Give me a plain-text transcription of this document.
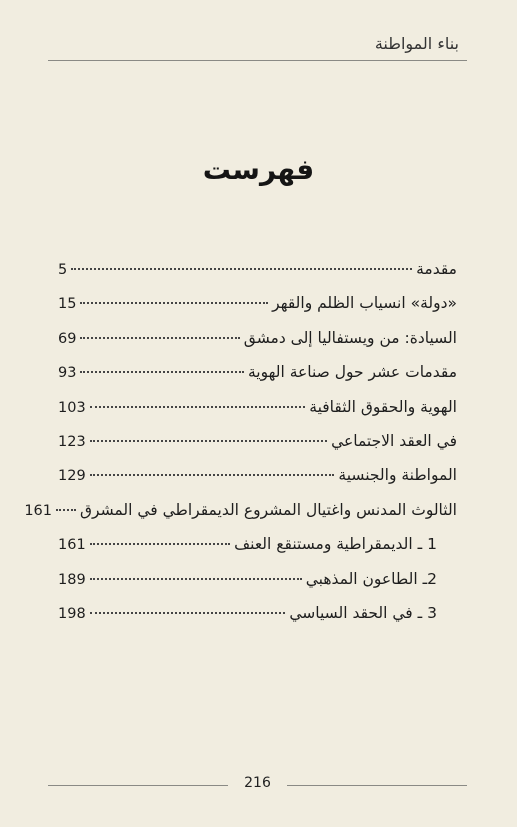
بناء المواطنة
فهرست
مقدمة
5
«دولة» انسياب الظلم والقهر
15
السيادة: من ويستفاليا إلى دمشق
69
مقدمات عشر حول صناعة الهوية
93
الهوية والحقوق الثقافية
103
في العقد الاجتماعي
123
المواطنة والجنسية
129
الثالوث المدنس واغتيال المشروع الديمقراطي في المشرق
161
1 ـ الديمقراطية ومستنقع العنف
161
2ـ الطاعون المذهبي
189
3 ـ في الحقد السياسي
198
216
